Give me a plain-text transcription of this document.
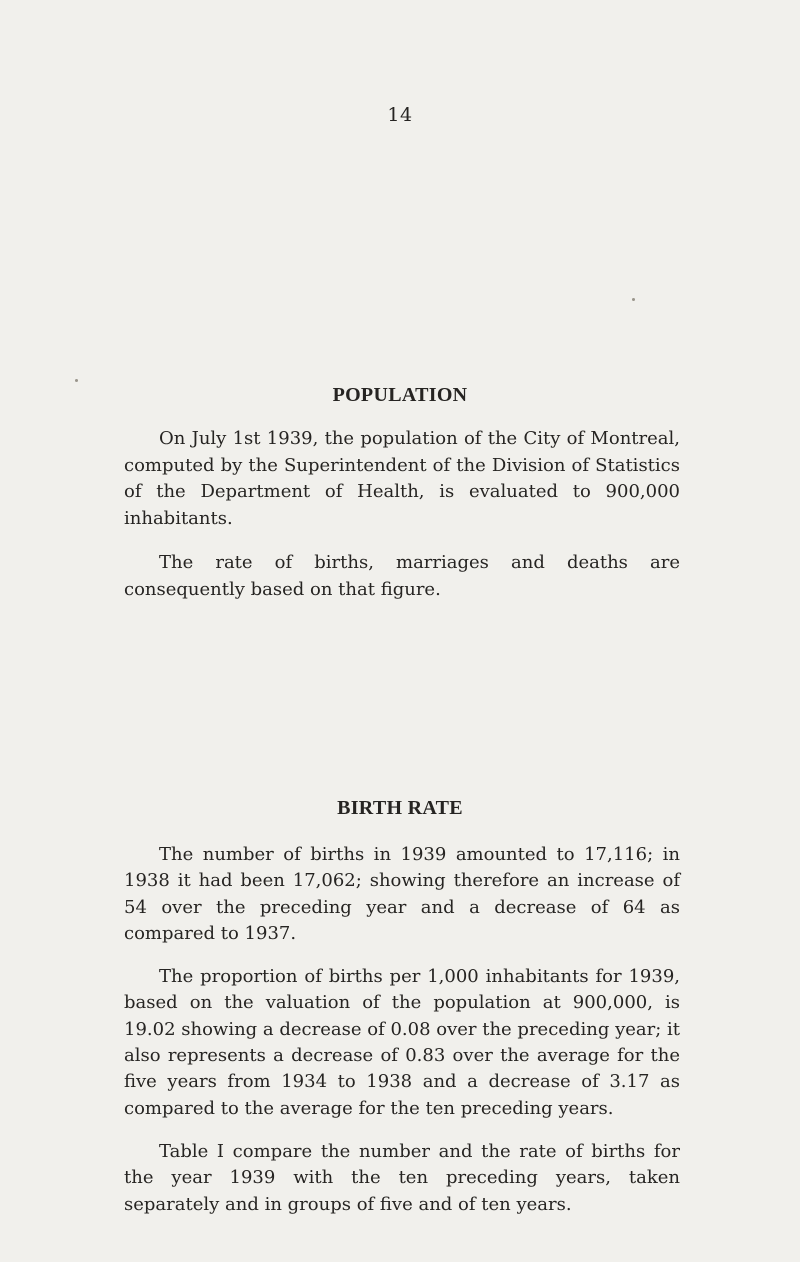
14
POPULATION

On July 1st 1939, the population of the City of Montreal, computed by the Superintendent of the Division of Statistics of the Department of Health, is evaluated to 900,000 inhabitants.

The rate of births, marriages and deaths are consequently based on that figure.

BIRTH RATE

The number of births in 1939 amounted to 17,116; in 1938 it had been 17,062; showing therefore an increase of 54 over the preceding year and a decrease of 64 as compared to 1937.

The proportion of births per 1,000 inhabitants for 1939, based on the valuation of the population at 900,000, is 19.02 showing a decrease of 0.08 over the preceding year; it also represents a decrease of 0.83 over the average for the five years from 1934 to 1938 and a decrease of 3.17 as compared to the average for the ten preceding years.

Table I compare the number and the rate of births for the year 1939 with the ten preceding years, taken separately and in groups of five and of ten years.
